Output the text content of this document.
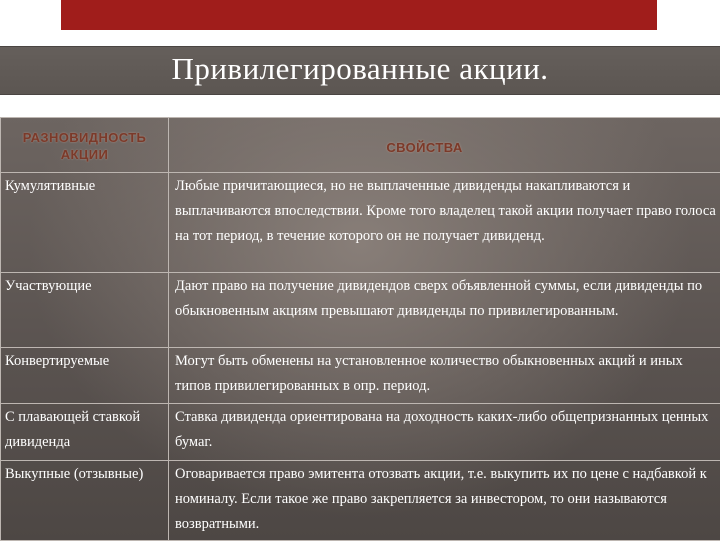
Привилегированные акции.
РАЗНОВИДНОСТЬ АКЦИИ	СВОЙСТВА

Кумулятивные	Любые причитающиеся, но не выплаченные дивиденды накапливаются и выплачиваются впоследствии. Кроме того владелец такой акции получает право голоса на тот период, в течение которого он не получает дивиденд.

Участвующие	Дают право на получение дивидендов сверх объявленной суммы, если дивиденды по обыкновенным акциям превышают дивиденды по привилегированным.

Конвертируемые	Могут быть обменены на установленное количество обыкновенных акций и иных типов привилегированных в опр. период.

С плавающей ставкой дивиденда	Ставка дивиденда ориентирована на доходность каких-либо общепризнанных ценных бумаг.

Выкупные (отзывные)	Оговаривается право эмитента отозвать акции, т.е. выкупить их по цене с надбавкой к номиналу. Если такое же право закрепляется за инвестором, то они называются возвратными.
